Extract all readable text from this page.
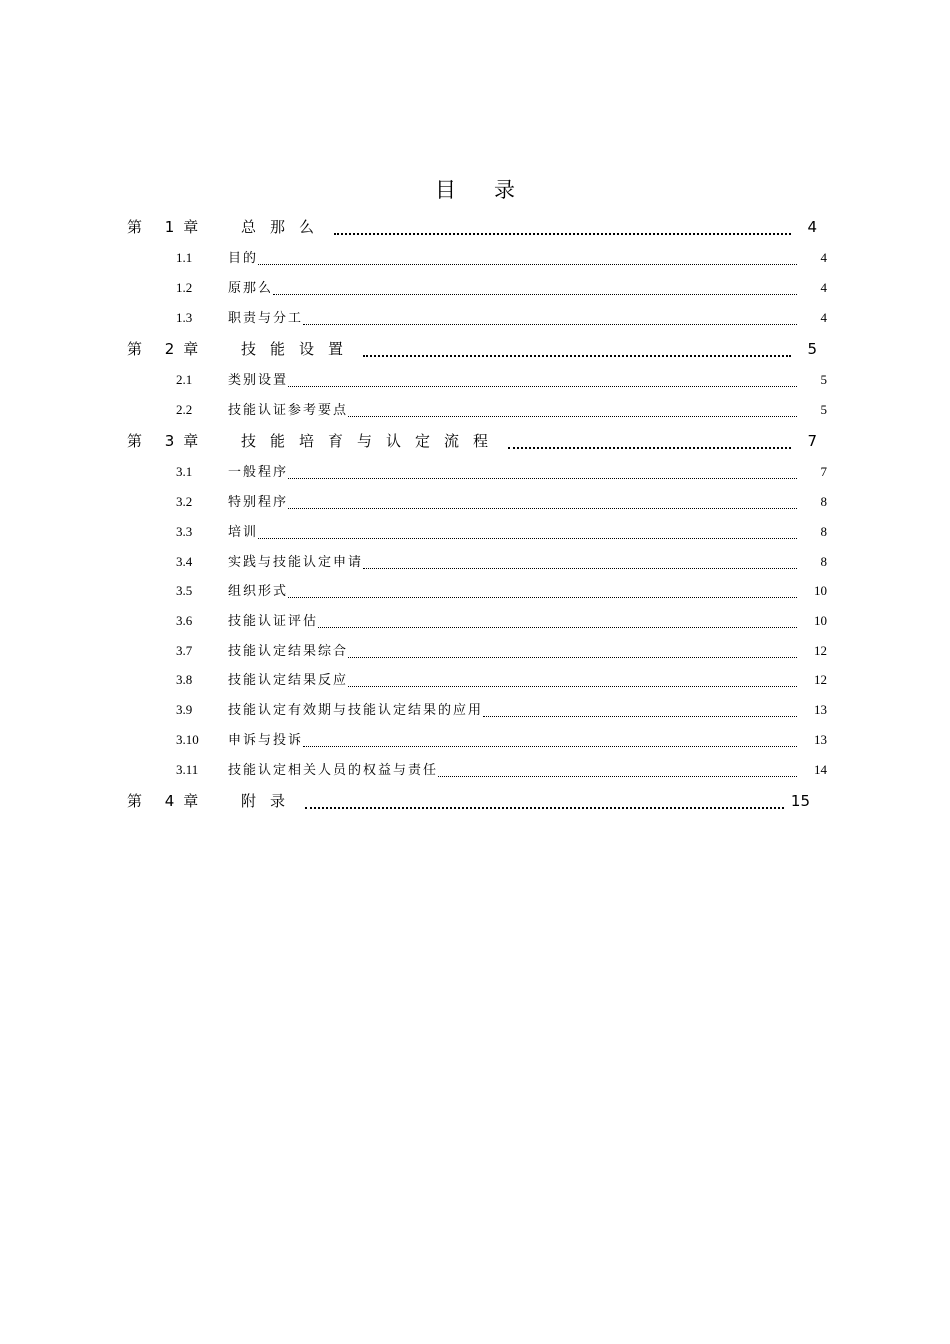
目录
第 1章	总那么	4
1.1	目的	4
1.2	原那么	4
1.3	职责与分工	4
第 2章	技能设置	5
2.1	类别设置	5
2.2	技能认证参考要点	5
第 3章	技能培育与认定流程	7
3.1	一般程序	7
3.2	特别程序	8
3.3	培训	8
3.4	实践与技能认定申请	8
3.5	组织形式	10
3.6	技能认证评估	10
3.7	技能认定结果综合	12
3.8	技能认定结果反应	12
3.9	技能认定有效期与技能认定结果的应用	13
3.10	申诉与投诉	13
3.11	技能认定相关人员的权益与责任	14
第 4章	附录	15
